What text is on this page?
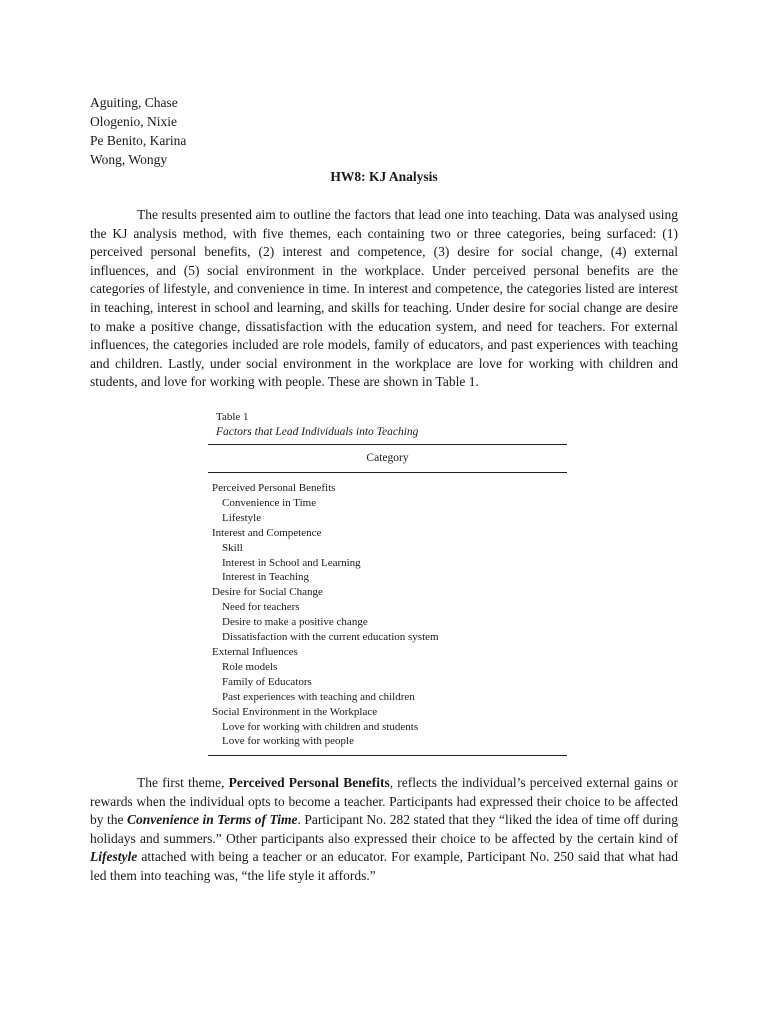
Aguiting, Chase
Ologenio, Nixie
Pe Benito, Karina
Wong, Wongy
HW8: KJ Analysis

The results presented aim to outline the factors that lead one into teaching. Data was analysed using the KJ analysis method, with five themes, each containing two or three categories, being surfaced: (1) perceived personal benefits, (2) interest and competence, (3) desire for social change, (4) external influences, and (5) social environment in the workplace. Under perceived personal benefits are the categories of lifestyle, and convenience in time. In interest and competence, the categories listed are interest in teaching, interest in school and learning, and skills for teaching. Under desire for social change are desire to make a positive change, dissatisfaction with the education system, and need for teachers. For external influences, the categories included are role models, family of educators, and past experiences with teaching and children. Lastly, under social environment in the workplace are love for working with children and students, and love for working with people. These are shown in Table 1.

Table 1
Factors that Lead Individuals into Teaching
Category
Perceived Personal Benefits
Convenience in Time
Lifestyle
Interest and Competence
Skill
Interest in School and Learning
Interest in Teaching
Desire for Social Change
Need for teachers
Desire to make a positive change
Dissatisfaction with the current education system
External Influences
Role models
Family of Educators
Past experiences with teaching and children
Social Environment in the Workplace
Love for working with children and students
Love for working with people

The first theme, Perceived Personal Benefits, reflects the individual’s perceived external gains or rewards when the individual opts to become a teacher. Participants had expressed their choice to be affected by the Convenience in Terms of Time. Participant No. 282 stated that they “liked the idea of time off during holidays and summers.” Other participants also expressed their choice to be affected by the certain kind of Lifestyle attached with being a teacher or an educator. For example, Participant No. 250 said that what had led them into teaching was, “the life style it affords.”
